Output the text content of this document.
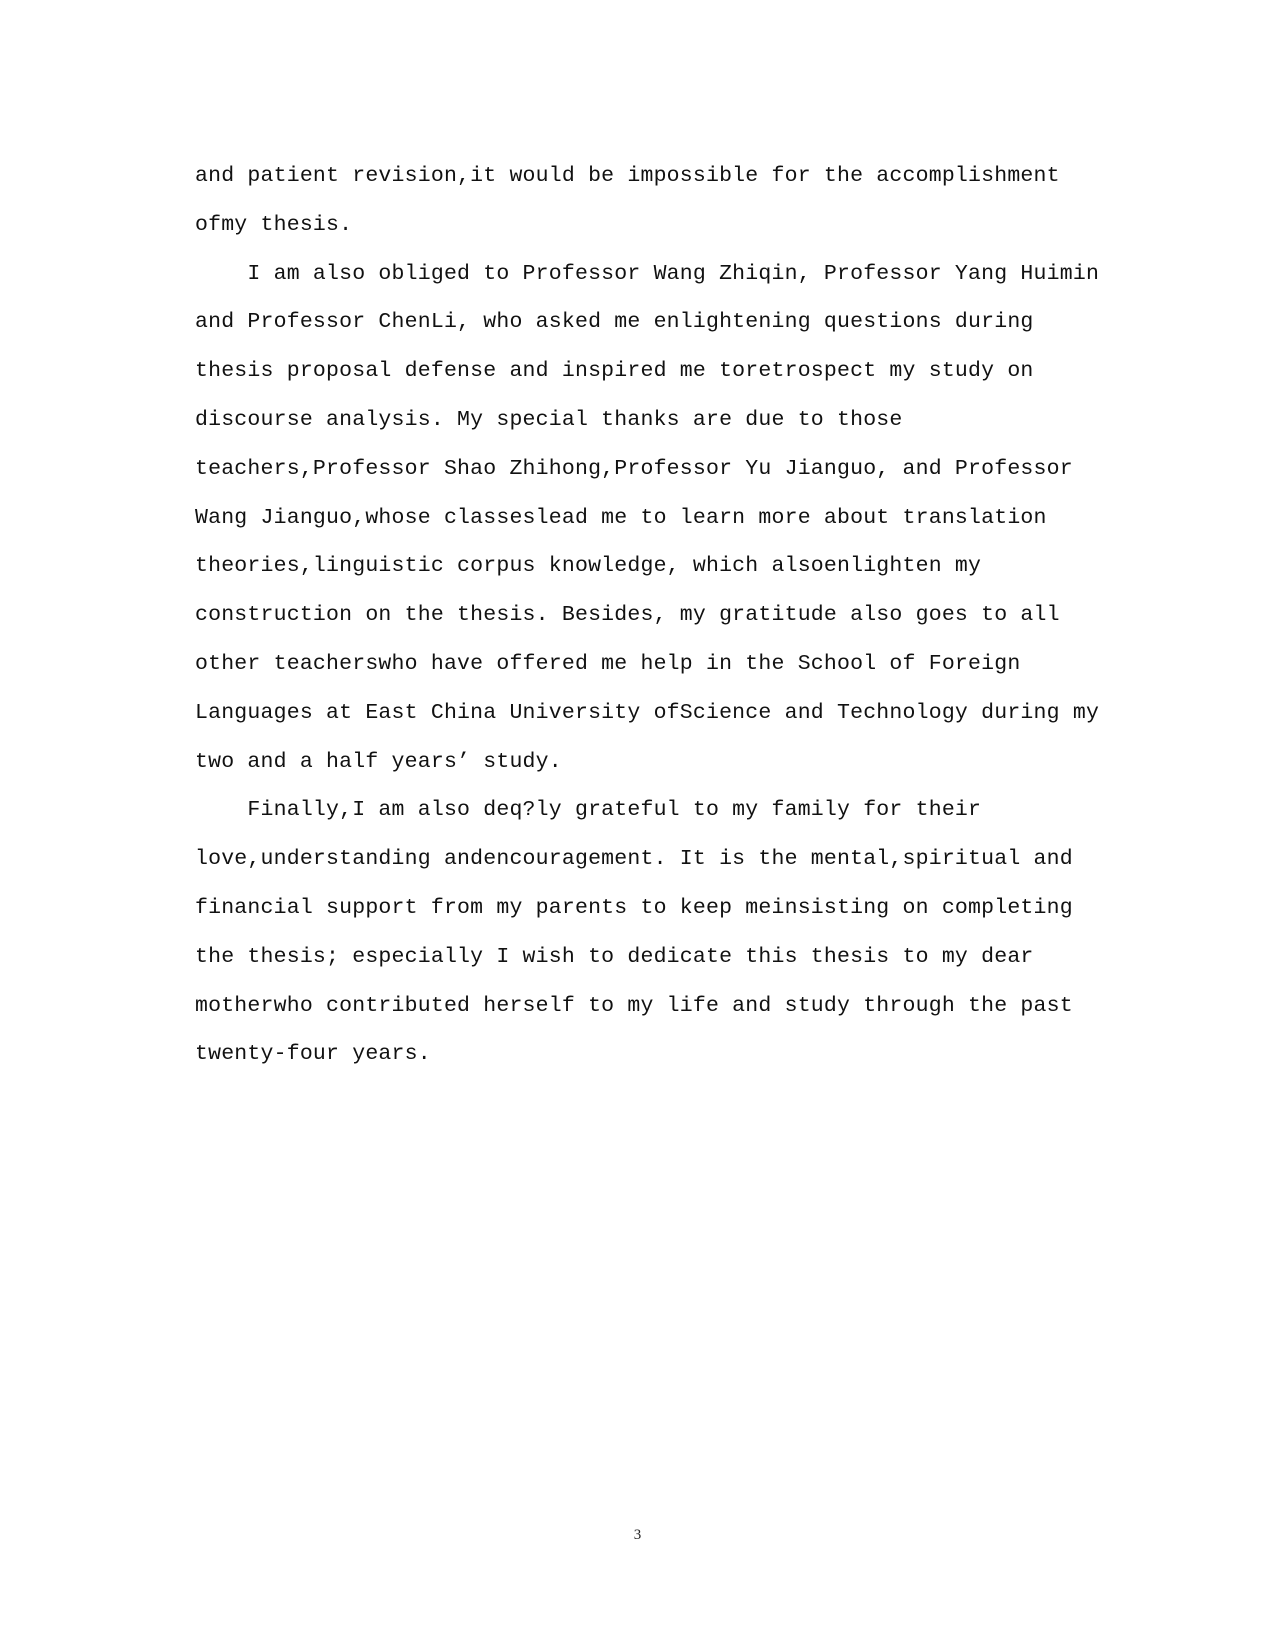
and patient revision,it would be impossible for the accomplishment
ofmy thesis.
I am also obliged to Professor Wang Zhiqin, Professor Yang Huimin
and Professor ChenLi, who asked me enlightening questions during
thesis proposal defense and inspired me toretrospect my study on
discourse analysis. My special thanks are due to those
teachers,Professor Shao Zhihong,Professor Yu Jianguo, and Professor
Wang Jianguo,whose classeslead me to learn more about translation
theories,linguistic corpus knowledge, which alsoenlighten my
construction on the thesis. Besides, my gratitude also goes to all
other teacherswho have offered me help in the School of Foreign
Languages at East China University ofScience and Technology during my
two and a half years’ study.
Finally,I am also deq?ly grateful to my family for their
love,understanding andencouragement. It is the mental,spiritual and
financial support from my parents to keep meinsisting on completing
the thesis; especially I wish to dedicate this thesis to my dear
motherwho contributed herself to my life and study through the past
twenty-four years.
3
